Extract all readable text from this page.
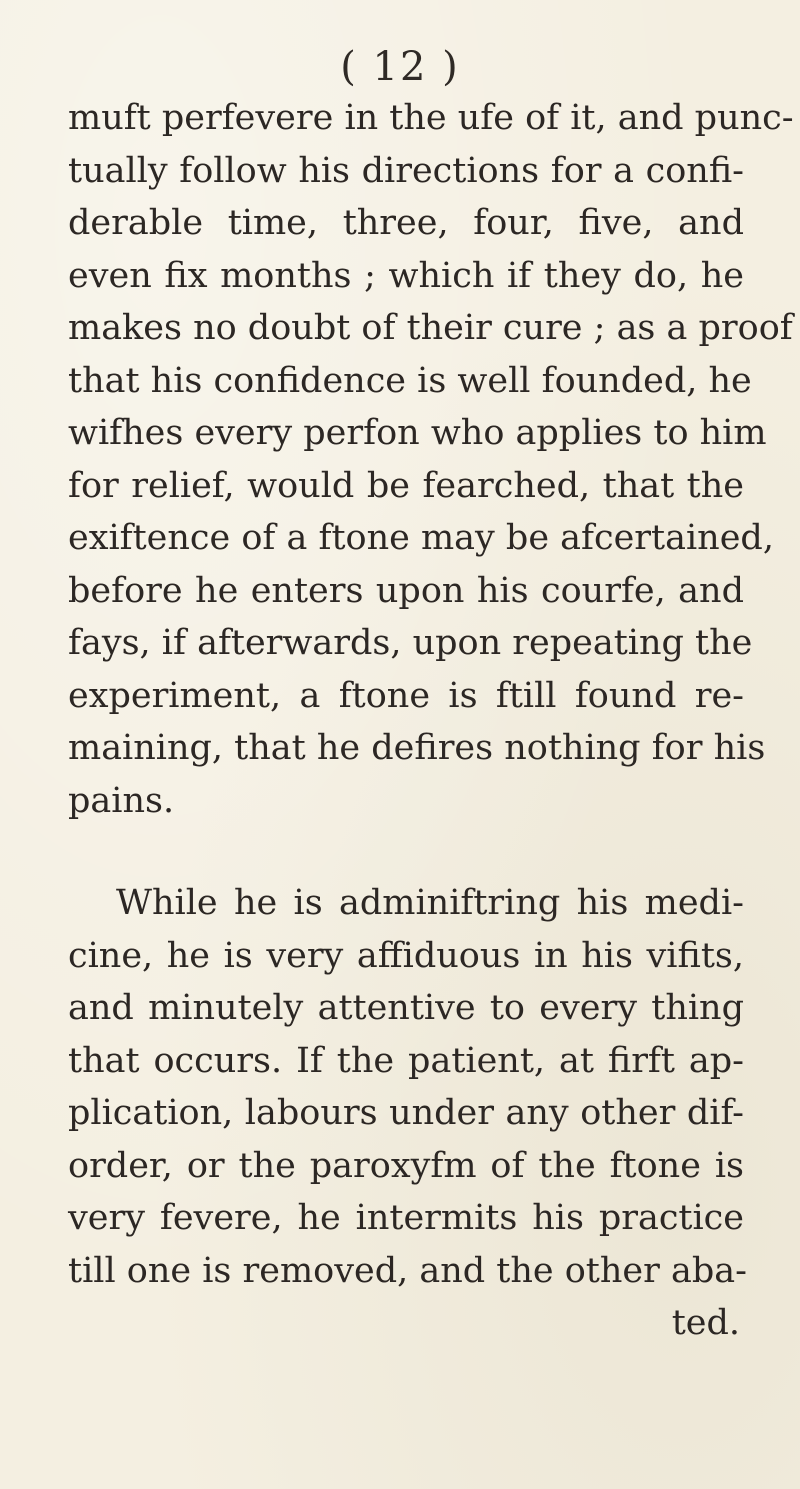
( 12 )
muft perfevere in the ufe of it, and punc-
tually follow his directions for a confi-
derable time, three, four, five, and
even fix months ; which if they do, he
makes no doubt of their cure ; as a proof
that his confidence is well founded, he
wifhes every perfon who applies to him
for relief, would be fearched, that the
exiftence of a ftone may be afcertained,
before he enters upon his courfe, and
fays, if afterwards, upon repeating the
experiment, a ftone is ftill found re-
maining, that he defires nothing for his
pains.
While he is adminiftring his medi-
cine, he is very affiduous in his vifits,
and minutely attentive to every thing
that occurs. If the patient, at firft ap-
plication, labours under any other dif-
order, or the paroxyfm of the ftone is
very fevere, he intermits his practice
till one is removed, and the other aba-
ted.
